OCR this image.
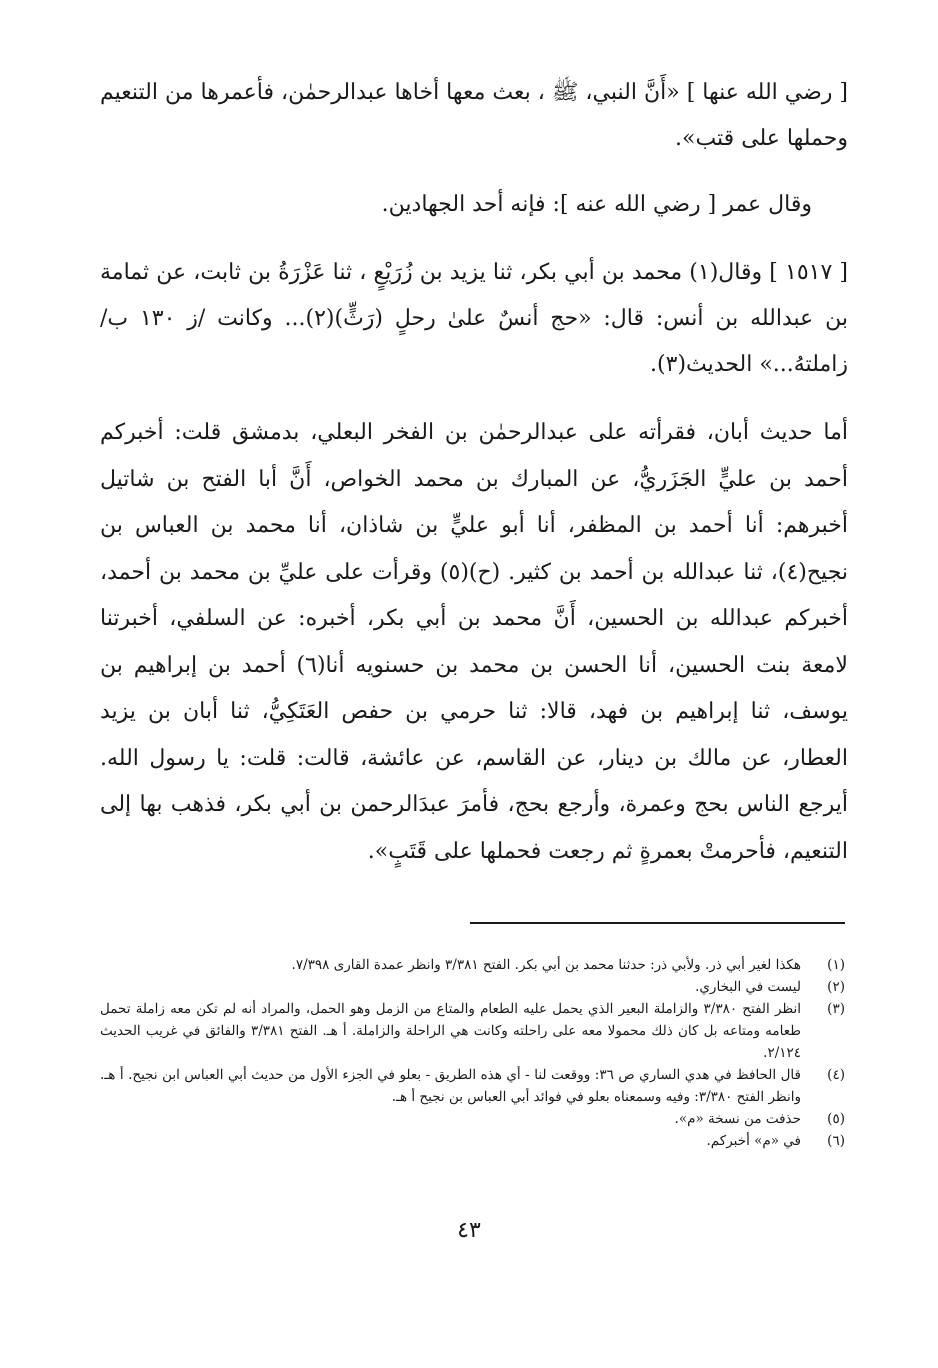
[ رضي الله عنها ] «أَنَّ النبي، ﷺ ، بعث معها أخاها عبدالرحمٰن، فأعمرها من التنعيم وحملها على قتب».

وقال عمر [ رضي الله عنه ]: فإنه أحد الجهادين.

[ ١٥١٧ ] وقال(١) محمد بن أبي بكر، ثنا يزيد بن زُرَيْعٍ ، ثنا عَزْرَةُ بن ثابت، عن ثمامة بن عبدالله بن أنس: قال: «حج أنسٌ علىٰ رحلٍ (رَثٍّ)(٢)... وكانت /ز ١٣٠ ب/ زاملتهُ...» الحديث(٣).

أما حديث أبان، فقرأته على عبدالرحمٰن بن الفخر البعلي، بدمشق قلت: أخبركم أحمد بن عليٍّ الجَزَريُّ، عن المبارك بن محمد الخواص، أَنَّ أبا الفتح بن شاتيل أخبرهم: أنا أحمد بن المظفر، أنا أبو عليٍّ بن شاذان، أنا محمد بن العباس بن نجيح(٤)، ثنا عبدالله بن أحمد بن كثير. (ح)(٥) وقرأت على عليِّ بن محمد بن أحمد، أخبركم عبدالله بن الحسين، أَنَّ محمد بن أبي بكر، أخبره: عن السلفي، أخبرتنا لامعة بنت الحسين، أنا الحسن بن محمد بن حسنويه أنا(٦) أحمد بن إبراهيم بن يوسف، ثنا إبراهيم بن فهد، قالا: ثنا حرمي بن حفص العَتَكِيُّ، ثنا أبان بن يزيد العطار، عن مالك بن دينار، عن القاسم، عن عائشة، قالت: قلت: يا رسول الله. أيرجع الناس بحج وعمرة، وأرجع بحج، فأمرَ عبدَالرحمن بن أبي بكر، فذهب بها إلى التنعيم، فأحرمتْ بعمرةٍ ثم رجعت فحملها على قَتَبٍ».

(١)
هكذا لغير أبي ذر. ولأبي ذر: حدثنا محمد بن أبي بكر. الفتح ٣/٣٨١ وانظر عمدة القارى ٧/٣٩٨.
(٢)
ليست في البخاري.
(٣)
انظر الفتح ٣/٣٨٠ والزاملة البعير الذي يحمل عليه الطعام والمتاع من الزمل وهو الحمل، والمراد أنه لم تكن معه زاملة تحمل طعامه ومتاعه بل كان ذلك محمولا معه على راحلته وكانت هي الراحلة والزاملة. أ هـ. الفتح ٣/٣٨١ والفائق في غريب الحديث ٢/١٢٤.
(٤)
قال الحافظ في هدي الساري ص ٣٦: ووقعت لنا - أي هذه الطريق - بعلو في الجزء الأول من حديث أبي العباس ابن نجيح. أ هـ. وانظر الفتح ٣/٣٨٠: وفيه وسمعناه بعلو في فوائد أبي العباس بن نجيح أ هـ.
(٥)
حذفت من نسخة «م».
(٦)
في «م» أخبركم.
٤٣
